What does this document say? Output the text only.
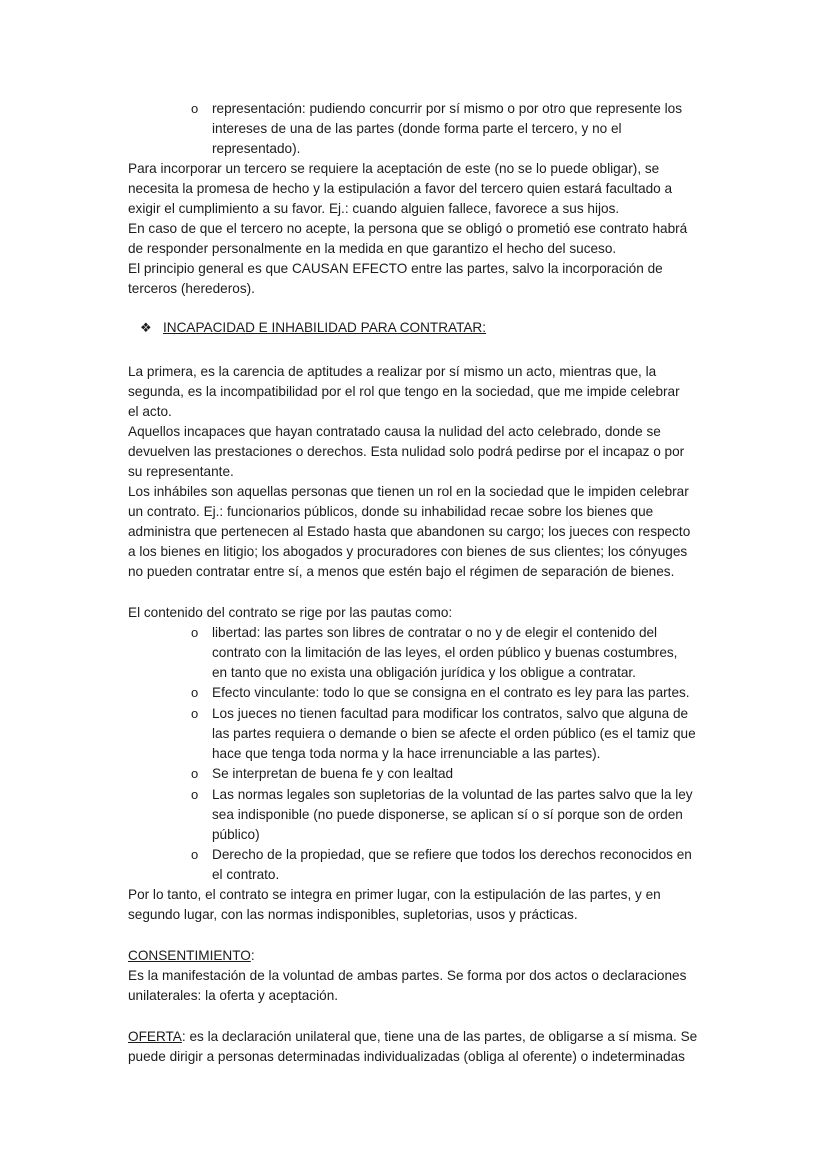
o representación: pudiendo concurrir por sí mismo o por otro que represente los
intereses de una de las partes (donde forma parte el tercero, y no el
representado).
Para incorporar un tercero se requiere la aceptación de este (no se lo puede obligar), se
necesita la promesa de hecho y la estipulación a favor del tercero quien estará facultado a
exigir el cumplimiento a su favor. Ej.: cuando alguien fallece, favorece a sus hijos.
En caso de que el tercero no acepte, la persona que se obligó o prometió ese contrato habrá
de responder personalmente en la medida en que garantizo el hecho del suceso.
El principio general es que CAUSAN EFECTO entre las partes, salvo la incorporación de
terceros (herederos).
❖ INCAPACIDAD E INHABILIDAD PARA CONTRATAR:
La primera, es la carencia de aptitudes a realizar por sí mismo un acto, mientras que, la
segunda, es la incompatibilidad por el rol que tengo en la sociedad, que me impide celebrar
el acto.
Aquellos incapaces que hayan contratado causa la nulidad del acto celebrado, donde se
devuelven las prestaciones o derechos. Esta nulidad solo podrá pedirse por el incapaz o por
su representante.
Los inhábiles son aquellas personas que tienen un rol en la sociedad que le impiden celebrar
un contrato. Ej.: funcionarios públicos, donde su inhabilidad recae sobre los bienes que
administra que pertenecen al Estado hasta que abandonen su cargo; los jueces con respecto
a los bienes en litigio; los abogados y procuradores con bienes de sus clientes; los cónyuges
no pueden contratar entre sí, a menos que estén bajo el régimen de separación de bienes.
El contenido del contrato se rige por las pautas como:
o libertad: las partes son libres de contratar o no y de elegir el contenido del
contrato con la limitación de las leyes, el orden público y buenas costumbres,
en tanto que no exista una obligación jurídica y los obligue a contratar.
o Efecto vinculante: todo lo que se consigna en el contrato es ley para las partes.
o Los jueces no tienen facultad para modificar los contratos, salvo que alguna de
las partes requiera o demande o bien se afecte el orden público (es el tamiz que
hace que tenga toda norma y la hace irrenunciable a las partes).
o Se interpretan de buena fe y con lealtad
o Las normas legales son supletorias de la voluntad de las partes salvo que la ley
sea indisponible (no puede disponerse, se aplican sí o sí porque son de orden
público)
o Derecho de la propiedad, que se refiere que todos los derechos reconocidos en
el contrato.
Por lo tanto, el contrato se integra en primer lugar, con la estipulación de las partes, y en
segundo lugar, con las normas indisponibles, supletorias, usos y prácticas.
CONSENTIMIENTO:
Es la manifestación de la voluntad de ambas partes. Se forma por dos actos o declaraciones
unilaterales: la oferta y aceptación.
OFERTA: es la declaración unilateral que, tiene una de las partes, de obligarse a sí misma. Se
puede dirigir a personas determinadas individualizadas (obliga al oferente) o indeterminadas
